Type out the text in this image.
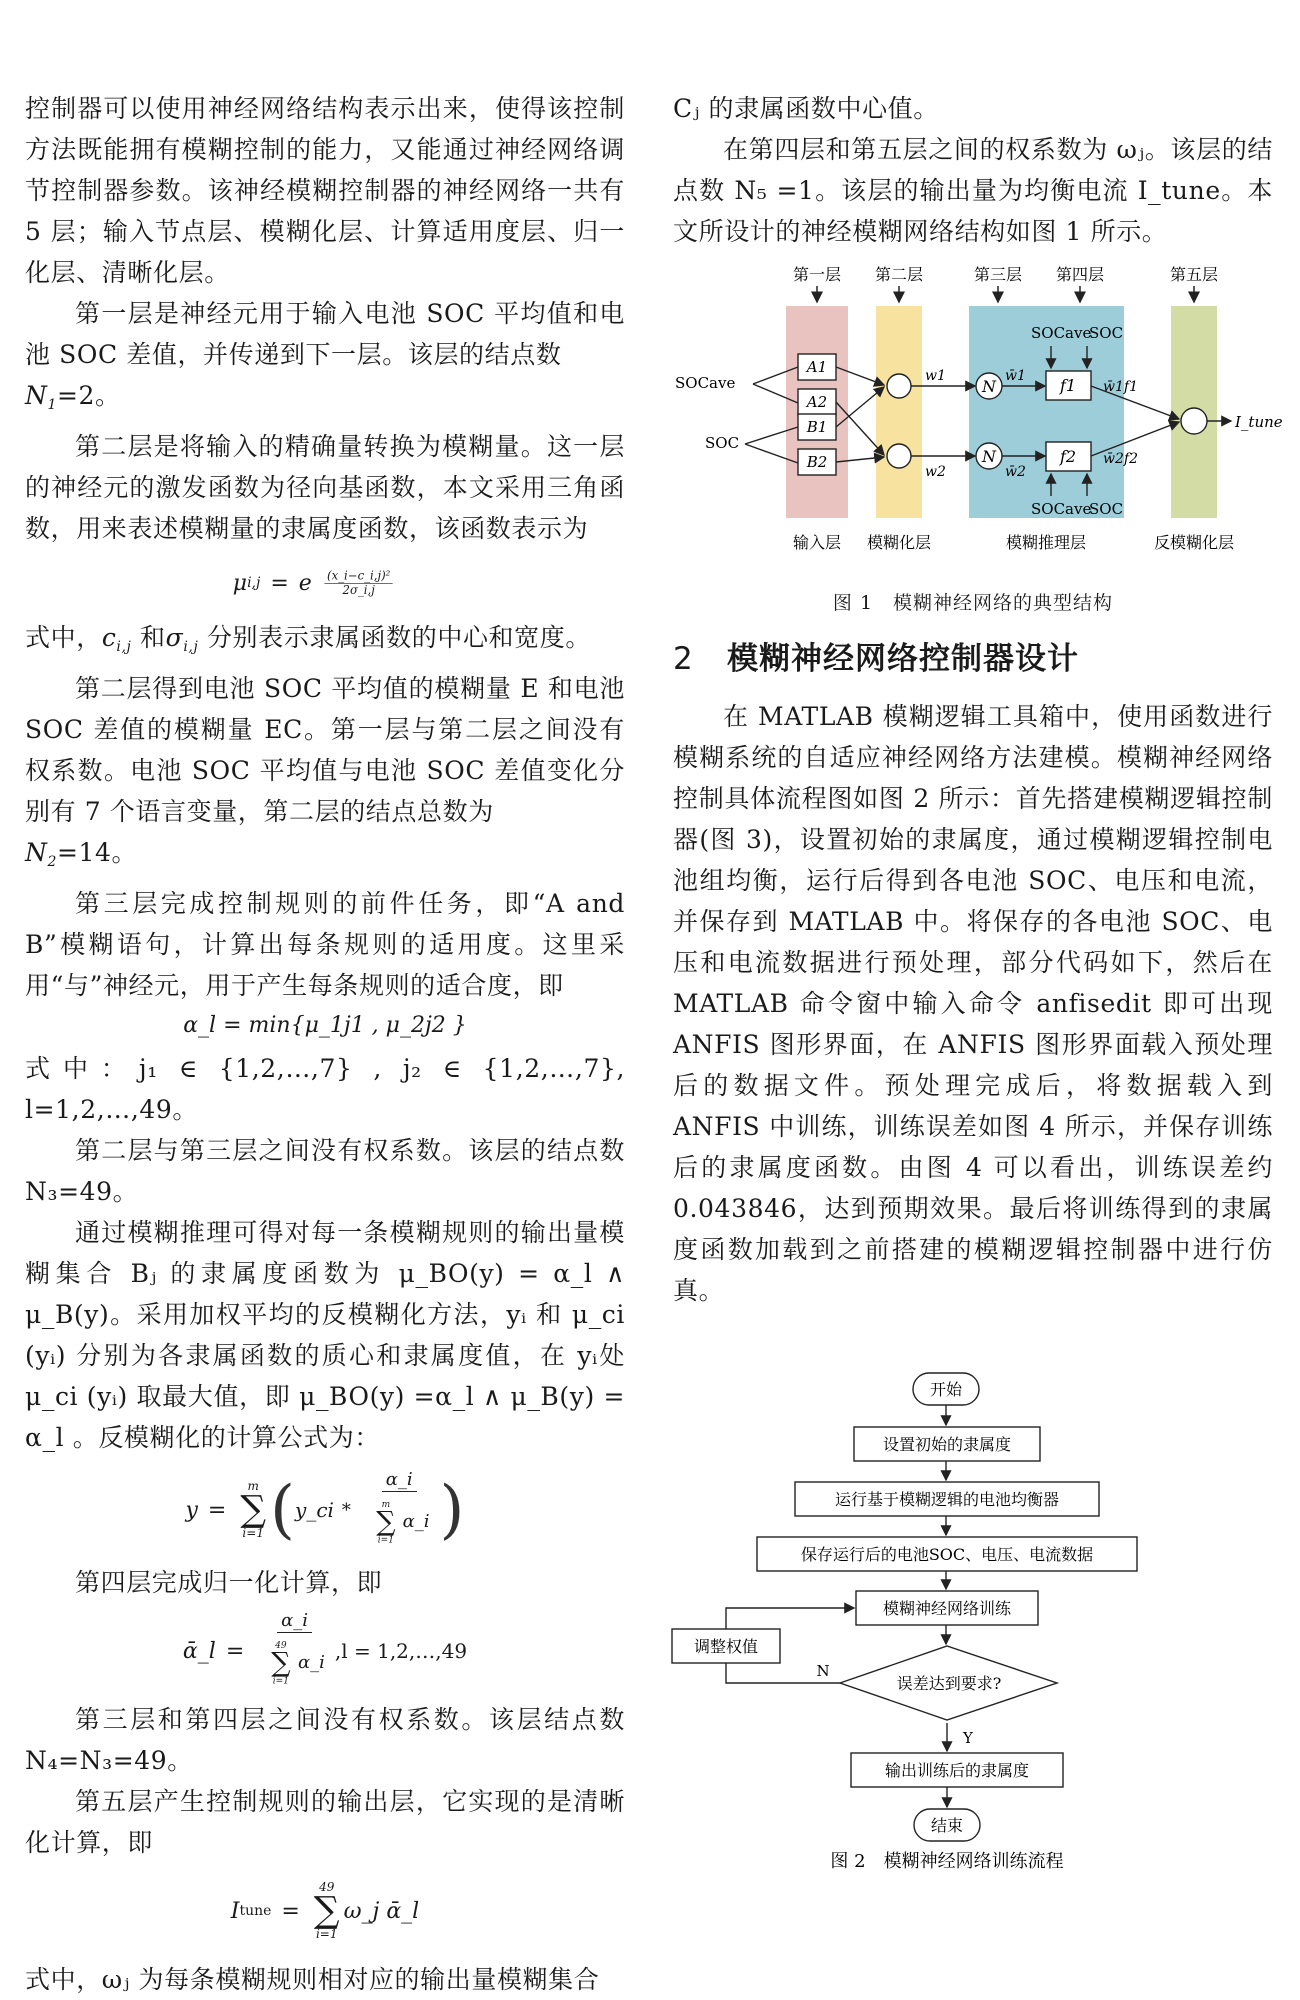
控制器可以使用神经网络结构表示出来，使得该控制方法既能拥有模糊控制的能力，又能通过神经网络调节控制器参数。该神经模糊控制器的神经网络一共有 5 层；输入节点层、模糊化层、计算适用度层、归一化层、清晰化层。

第一层是神经元用于输入电池 SOC 平均值和电池 SOC 差值，并传递到下一层。该层的结点数
$N_1=2$。

第二层是将输入的精确量转换为模糊量。这一层的神经元的激发函数为径向基函数，本文采用三角函数，用来表述模糊量的隶属度函数，该函数表示为

μ i,j = e $\frac{\text{(x\_i−c\_i,j)²}}{2\sigma\_i,j}$

式中，$c_{i,j}$ 和$\sigma_{i,j}$ 分别表示隶属函数的中心和宽度。

第二层得到电池 SOC 平均值的模糊量 E 和电池 SOC 差值的模糊量 EC。第一层与第二层之间没有权系数。电池 SOC 平均值与电池 SOC 差值变化分别有 7 个语言变量，第二层的结点总数为
$N_2=14$。

第三层完成控制规则的前件任务，即“A and B”模糊语句，计算出每条规则的适用度。这里采用“与”神经元，用于产生每条规则的适合度，即

α_l = min{μ_1j1 , μ_2j2 }

式中：j₁ ∈ {1,2,…,7} , j₂ ∈ {1,2,…,7}, l=1,2,…,49。

第二层与第三层之间没有权系数。该层的结点数 N₃=49。

通过模糊推理可得对每一条模糊规则的输出量模糊集合 Bⱼ 的隶属度函数为 μ_BO(y) = α_l ∧ μ_B(y)。采用加权平均的反模糊化方法，yᵢ 和 μ_ci (yᵢ) 分别为各隶属函数的质心和隶属度值，在 yᵢ处 μ_ci (yᵢ) 取最大值，即 μ_BO(y) =α_l ∧ μ_B(y) = α_l 。反模糊化的计算公式为：

y =
m
∑
i=1 ( y_ci * α_i
m
∑
i=1
α_i )

第四层完成归一化计算，即

ᾱ_l = α_i
49
∑
i=1
α_i ,l = 1,2,…,49

第三层和第四层之间没有权系数。该层结点数 N₄=N₃=49。

第五层产生控制规则的输出层，它实现的是清晰化计算，即

I tune =
49
∑
i=1
ω_j ᾱ_l

式中，ωⱼ 为每条模糊规则相对应的输出量模糊集合

Cⱼ 的隶属函数中心值。

在第四层和第五层之间的权系数为 ωⱼ。该层的结点数 N₅ =1。该层的输出量为均衡电流 I_tune。本文所设计的神经模糊网络结构如图 1 所示。

第一层 第二层	第三层 第四层	第五层
SOCave
SOC
A1
A2
B1
B2
w1
w2
N
N
w̄1
w̄2
f1
f2
SOCave
SOC
SOCave
SOC
w̄1f1
w̄2f2
I_tune
输入层 模糊化层	模糊推理层	反模糊化层
图 1　模糊神经网络的典型结构
2 模糊神经网络控制器设计

在 MATLAB 模糊逻辑工具箱中，使用函数进行模糊系统的自适应神经网络方法建模。模糊神经网络控制具体流程图如图 2 所示：首先搭建模糊逻辑控制器(图 3)，设置初始的隶属度，通过模糊逻辑控制电池组均衡，运行后得到各电池 SOC、电压和电流，并保存到 MATLAB 中。将保存的各电池 SOC、电压和电流数据进行预处理，部分代码如下，然后在 MATLAB 命令窗中输入命令 anfisedit 即可出现 ANFIS 图形界面，在 ANFIS 图形界面载入预处理后的数据文件。预处理完成后，将数据载入到 ANFIS 中训练，训练误差如图 4 所示，并保存训练后的隶属度函数。由图 4 可以看出，训练误差约 0.043846，达到预期效果。最后将训练得到的隶属度函数加载到之前搭建的模糊逻辑控制器中进行仿真。

开始
设置初始的隶属度
运行基于模糊逻辑的电池均衡器
保存运行后的电池SOC、电压、电流数据
模糊神经网络训练
调整权值
误差达到要求?
N
Y
输出训练后的隶属度
结束
图 2　模糊神经网络训练流程
